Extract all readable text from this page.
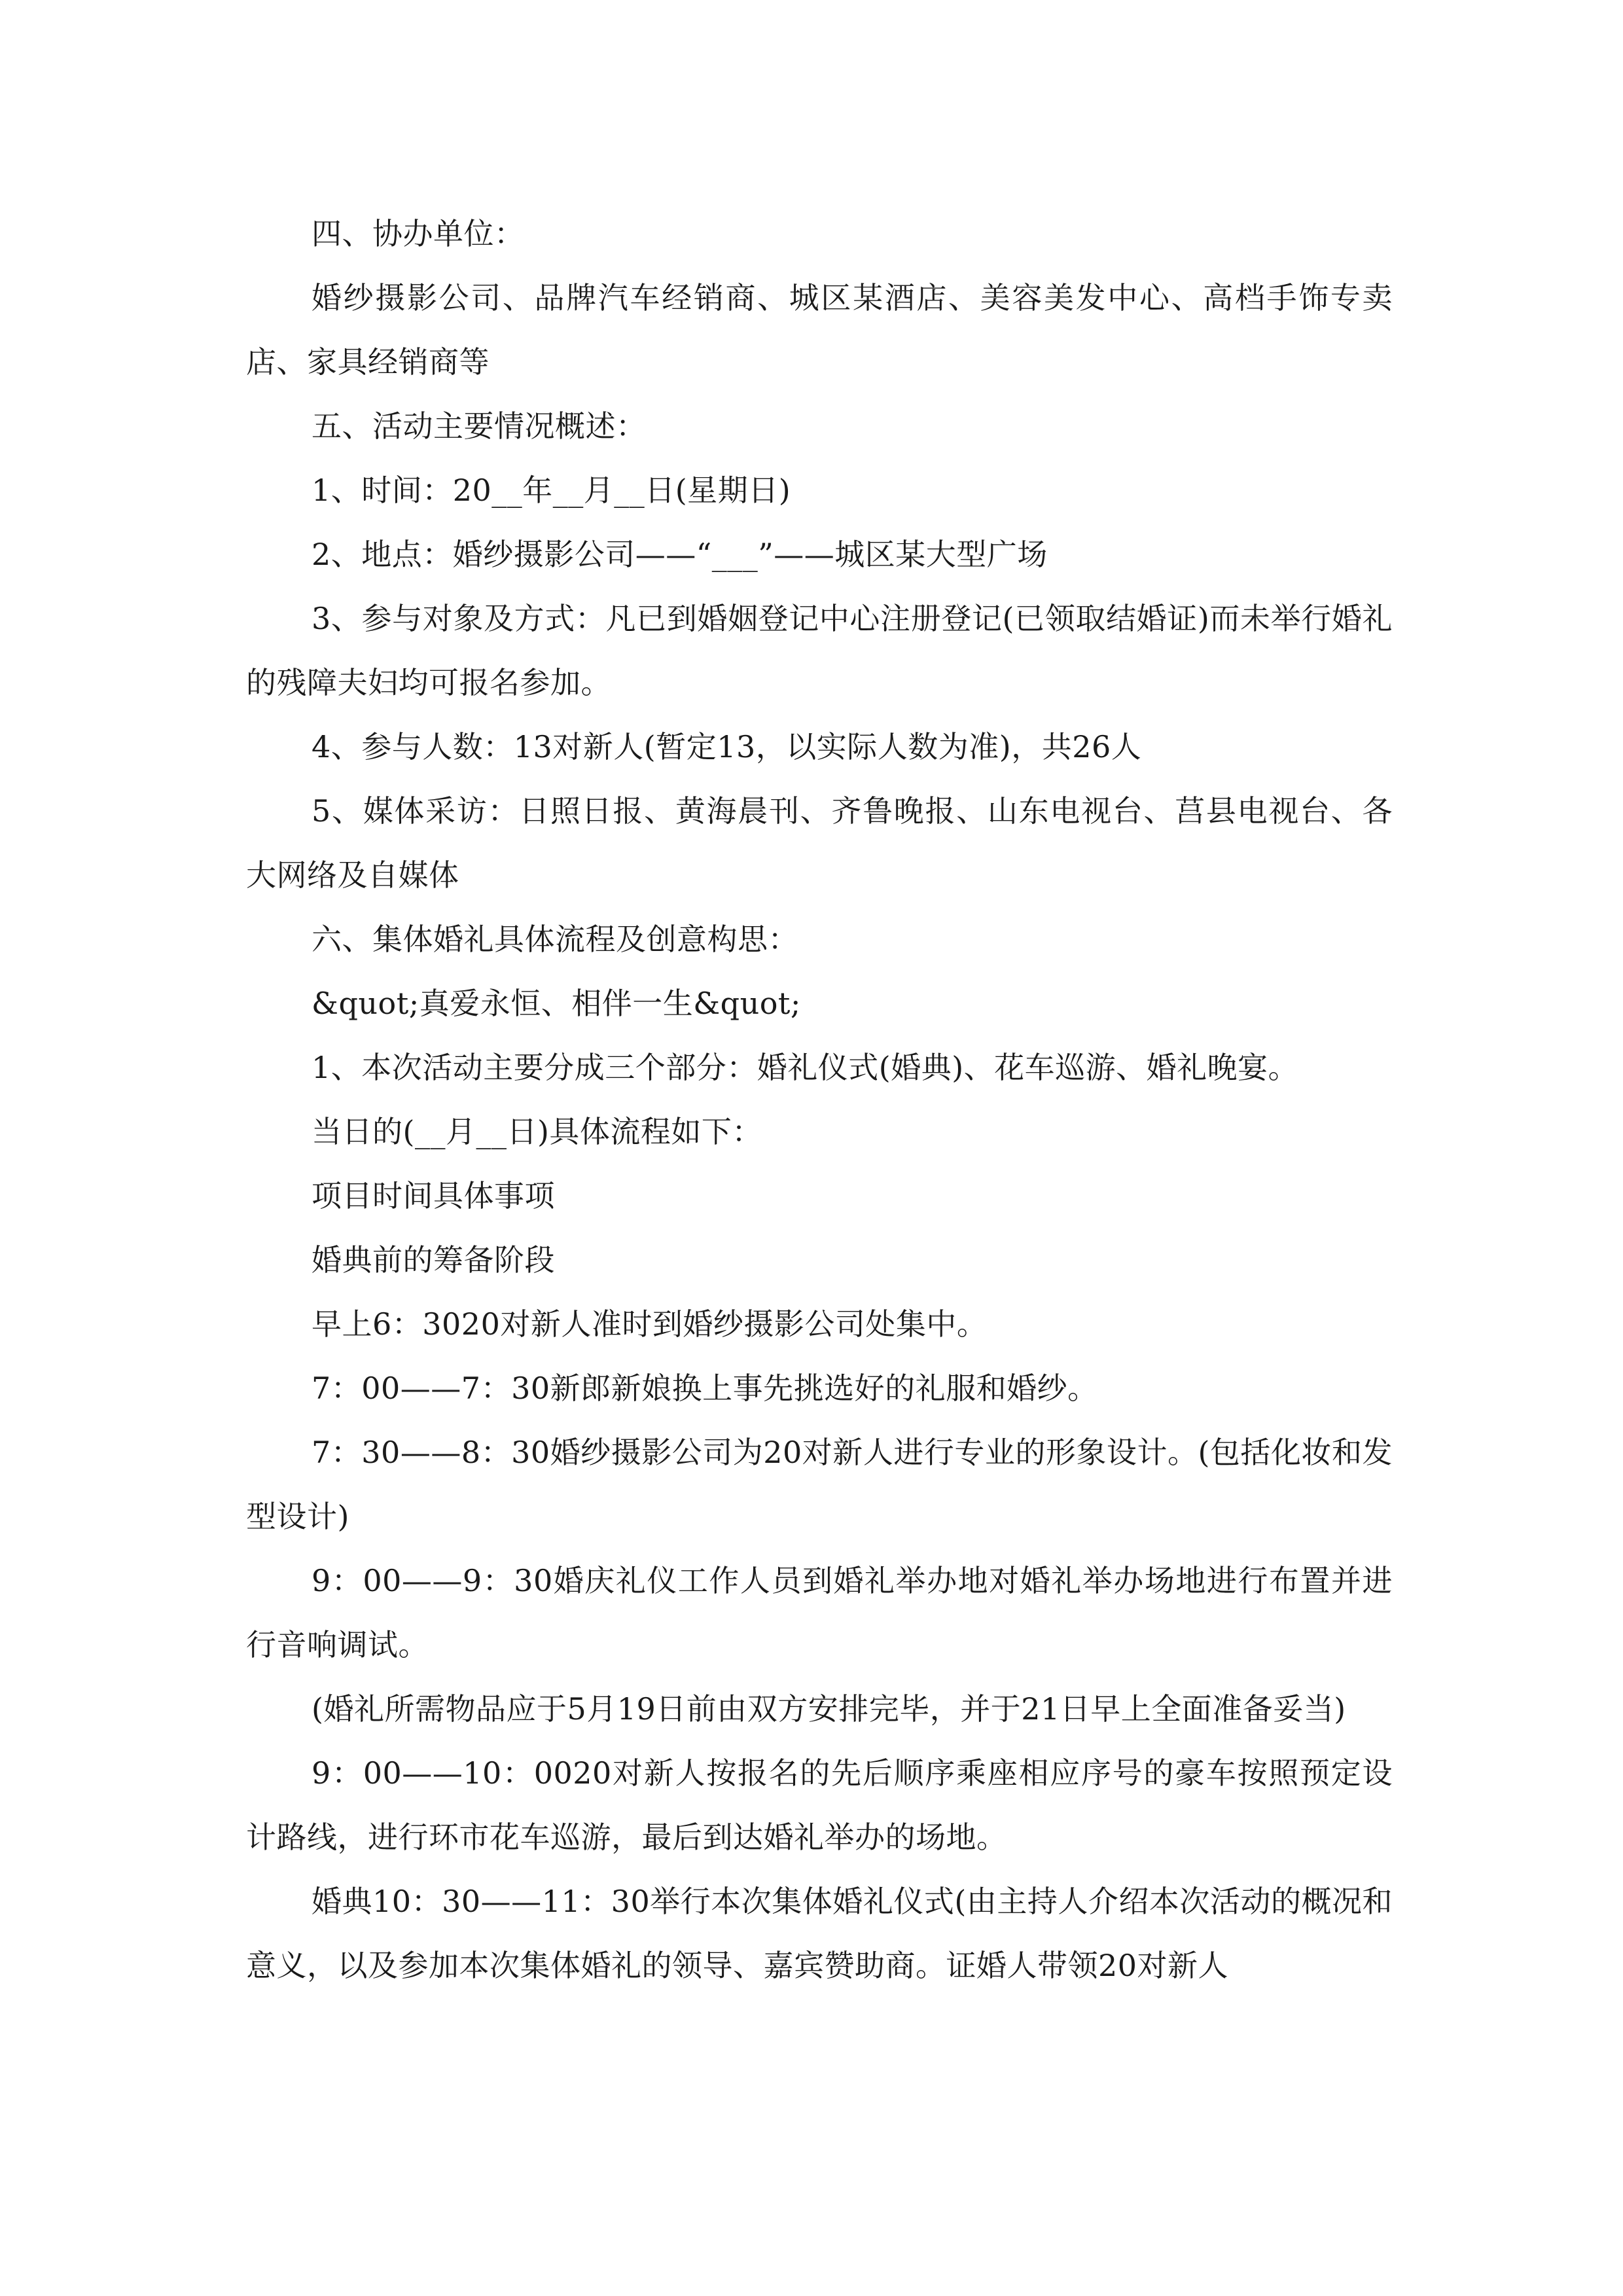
四、协办单位：

婚纱摄影公司、品牌汽车经销商、城区某酒店、美容美发中心、高档手饰专卖店、家具经销商等

五、活动主要情况概述：

1、时间：20__年__月__日(星期日)

2、地点：婚纱摄影公司——“___”——城区某大型广场

3、参与对象及方式：凡已到婚姻登记中心注册登记(已领取结婚证)而未举行婚礼的残障夫妇均可报名参加。

4、参与人数：13对新人(暂定13，以实际人数为准)，共26人

5、媒体采访：日照日报、黄海晨刊、齐鲁晚报、山东电视台、莒县电视台、各大网络及自媒体

六、集体婚礼具体流程及创意构思：

&quot;真爱永恒、相伴一生&quot;

1、本次活动主要分成三个部分：婚礼仪式(婚典)、花车巡游、婚礼晚宴。

当日的(__月__日)具体流程如下：

项目时间具体事项

婚典前的筹备阶段

早上6：3020对新人准时到婚纱摄影公司处集中。

7：00——7：30新郎新娘换上事先挑选好的礼服和婚纱。

7：30——8：30婚纱摄影公司为20对新人进行专业的形象设计。(包括化妆和发型设计)

9：00——9：30婚庆礼仪工作人员到婚礼举办地对婚礼举办场地进行布置并进行音响调试。

(婚礼所需物品应于5月19日前由双方安排完毕，并于21日早上全面准备妥当)

9：00——10：0020对新人按报名的先后顺序乘座相应序号的豪车按照预定设计路线，进行环市花车巡游，最后到达婚礼举办的场地。

婚典10：30——11：30举行本次集体婚礼仪式(由主持人介绍本次活动的概况和意义，以及参加本次集体婚礼的领导、嘉宾赞助商。证婚人带领20对新人
